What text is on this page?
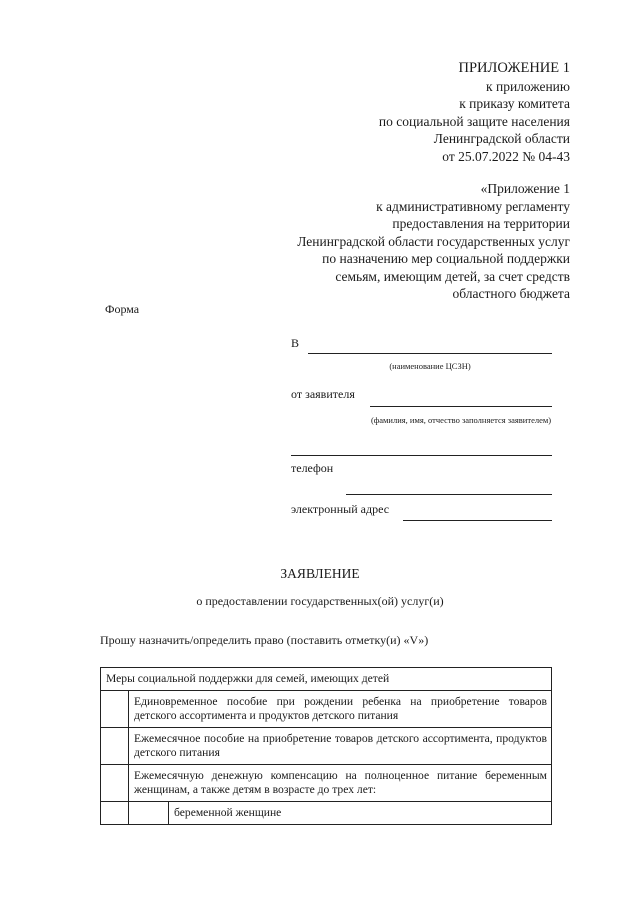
ПРИЛОЖЕНИЕ 1
к приложению
к приказу комитета
по социальной защите населения
Ленинградской области
от 25.07.2022 № 04-43
«Приложение 1
к административному регламенту
предоставления на территории
Ленинградской области государственных услуг
по назначению мер социальной поддержки
семьям, имеющим детей, за счет средств
областного бюджета
Форма
В
(наименование ЦСЗН)
от заявителя
(фамилия, имя, отчество заполняется заявителем)
телефон
электронный адрес
ЗАЯВЛЕНИЕ
о предоставлении государственных(ой) услуг(и)
Прошу назначить/определить право (поставить отметку(и) «V»)
Меры социальной поддержки для семей, имеющих детей		

	Единовременное пособие при рождении ребенка на приобретение товаров детского ассортимента и продуктов детского питания	

	Ежемесячное пособие на приобретение товаров детского ассортимента, продуктов детского питания	

	Ежемесячную денежную компенсацию на полноценное питание беременным женщинам, а также детям в возрасте до трех лет:	

		беременной женщине
